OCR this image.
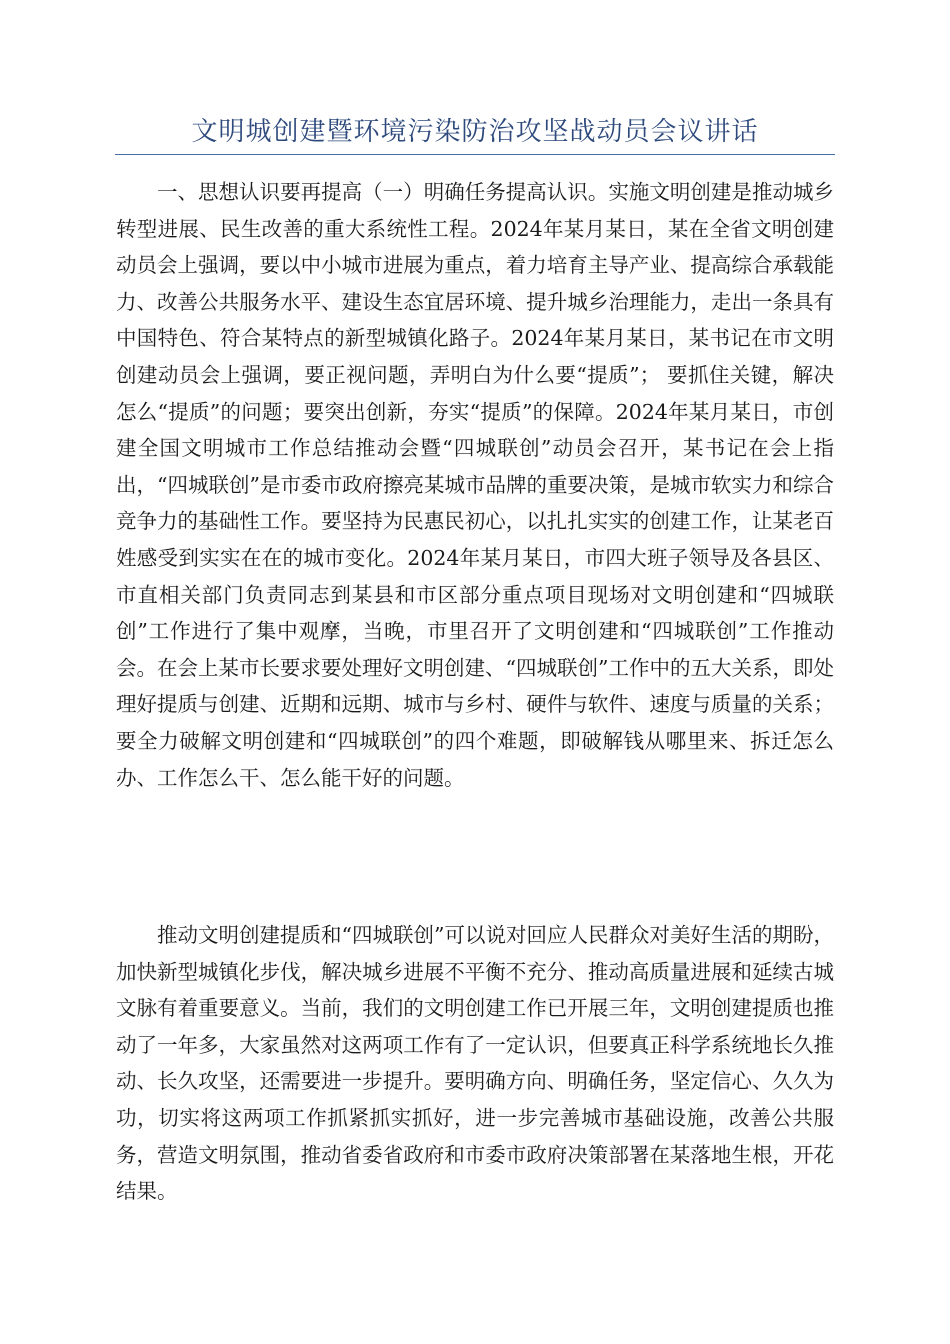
文明城创建暨环境污染防治攻坚战动员会议讲话

一、思想认识要再提高（一）明确任务提高认识。实施文明创建是推动城乡转型进展、民生改善的重大系统性工程。2024年某月某日，某在全省文明创建动员会上强调，要以中小城市进展为重点，着力培育主导产业、提高综合承载能力、改善公共服务水平、建设生态宜居环境、提升城乡治理能力，走出一条具有中国特色、符合某特点的新型城镇化路子。2024年某月某日，某书记在市文明创建动员会上强调，要正视问题，弄明白为什么要“提质”； 要抓住关键，解决怎么“提质”的问题；要突出创新，夯实“提质”的保障。2024年某月某日，市创建全国文明城市工作总结推动会暨“四城联创”动员会召开，某书记在会上指出，“四城联创”是市委市政府擦亮某城市品牌的重要决策，是城市软实力和综合竞争力的基础性工作。要坚持为民惠民初心，以扎扎实实的创建工作，让某老百姓感受到实实在在的城市变化。2024年某月某日，市四大班子领导及各县区、市直相关部门负责同志到某县和市区部分重点项目现场对文明创建和“四城联创”工作进行了集中观摩，当晚，市里召开了文明创建和“四城联创”工作推动会。在会上某市长要求要处理好文明创建、“四城联创”工作中的五大关系，即处理好提质与创建、近期和远期、城市与乡村、硬件与软件、速度与质量的关系； 要全力破解文明创建和“四城联创”的四个难题，即破解钱从哪里来、拆迁怎么办、工作怎么干、怎么能干好的问题。

推动文明创建提质和“四城联创”可以说对回应人民群众对美好生活的期盼，加快新型城镇化步伐，解决城乡进展不平衡不充分、推动高质量进展和延续古城文脉有着重要意义。当前，我们的文明创建工作已开展三年，文明创建提质也推动了一年多，大家虽然对这两项工作有了一定认识，但要真正科学系统地长久推动、长久攻坚，还需要进一步提升。要明确方向、明确任务，坚定信心、久久为功，切实将这两项工作抓紧抓实抓好，进一步完善城市基础设施，改善公共服务，营造文明氛围，推动省委省政府和市委市政府决策部署在某落地生根，开花结果。
